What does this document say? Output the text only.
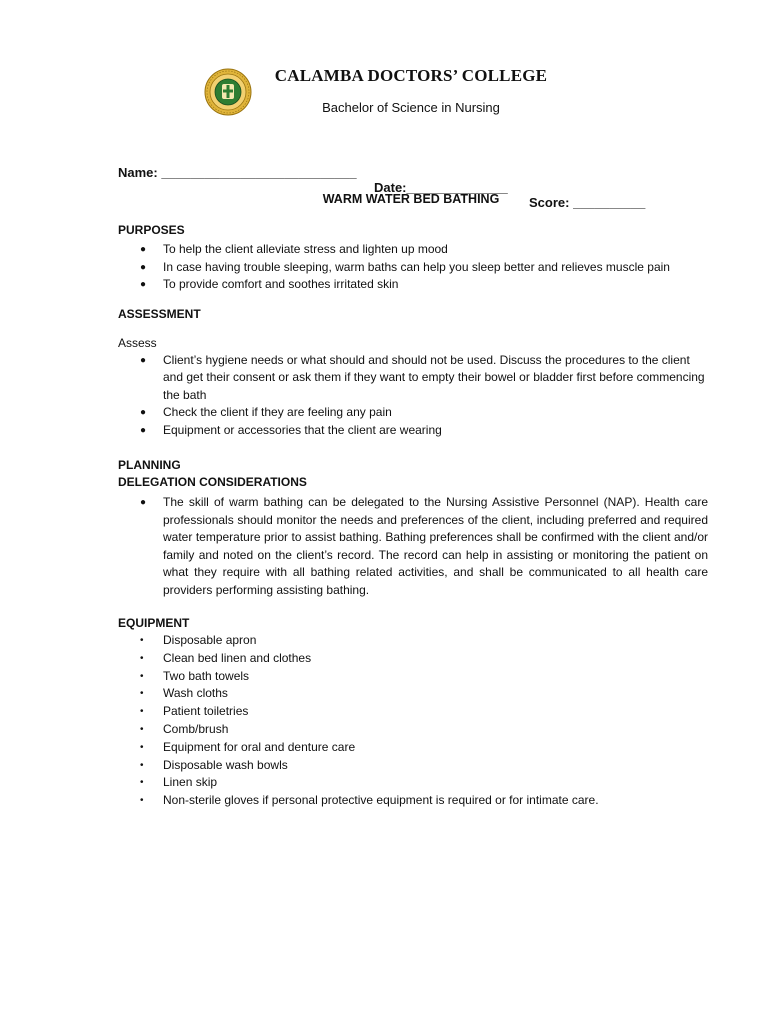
CALAMBA DOCTORS’ COLLEGE
Bachelor of Science in Nursing

Name: ___________________________

Date:______________

Score: __________

WARM WATER BED BATHING

PURPOSES

● To help the client alleviate stress and lighten up mood
● In case having trouble sleeping, warm baths can help you sleep better and relieves muscle pain
● To provide comfort and soothes irritated skin

ASSESSMENT

Assess

● Client’s hygiene needs or what should and should not be used. Discuss the procedures to the client and get their consent or ask them if they want to empty their bowel or bladder first before commencing the bath
● Check the client if they are feeling any pain
● Equipment or accessories that the client are wearing

PLANNING

DELEGATION CONSIDERATIONS

● The skill of warm bathing can be delegated to the Nursing Assistive Personnel (NAP). Health care professionals should monitor the needs and preferences of the client, including preferred and required water temperature prior to assist bathing. Bathing preferences shall be confirmed with the client and/or family and noted on the client’s record. The record can help in assisting or monitoring the patient on what they require with all bathing related activities, and shall be communicated to all health care providers performing assisting bathing.

EQUIPMENT

• Disposable apron
• Clean bed linen and clothes
• Two bath towels
• Wash cloths
• Patient toiletries
• Comb/brush
• Equipment for oral and denture care
• Disposable wash bowls
• Linen skip
• Non-sterile gloves if personal protective equipment is required or for intimate care.
